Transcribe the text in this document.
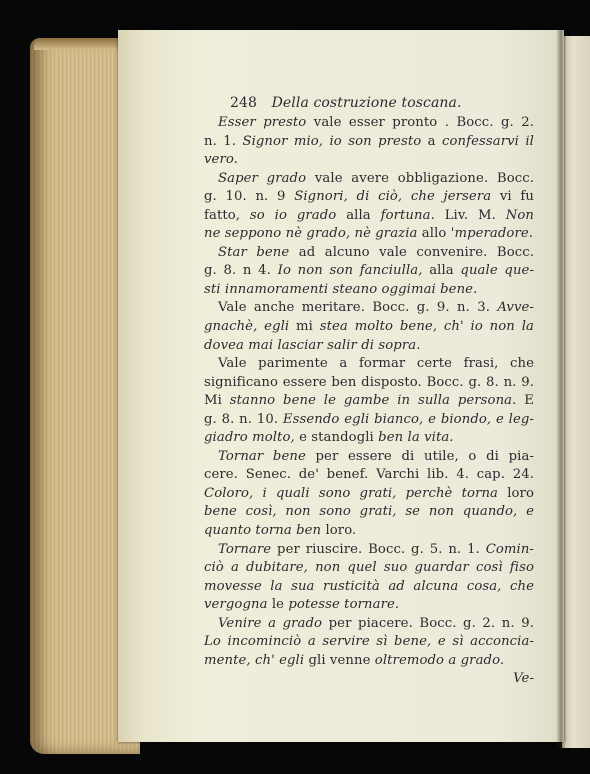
248 Della costruzione toscana.
Esser presto vale esser pronto . Bocc. g. 2.
n. 1. Signor mio, io son presto a confessarvi il
vero.
Saper grado vale avere obbligazione. Bocc.
g. 10. n. 9 Signori, di ciò, che jersera vi fu
fatto, so io grado alla fortuna. Liv. M. Non
ne seppono nè grado, nè grazia allo 'mperadore.
Star bene ad alcuno vale convenire. Bocc.
g. 8. n 4. Io non son fanciulla, alla quale que-
sti innamoramenti steano oggimai bene.
Vale anche meritare. Bocc. g. 9. n. 3. Avve-
gnachè, egli mi stea molto bene, ch' io non la
dovea mai lasciar salir di sopra.
Vale parimente a formar certe frasi, che
significano essere ben disposto. Bocc. g. 8. n. 9.
Mi stanno bene le gambe in sulla persona. E
g. 8. n. 10. Essendo egli bianco, e biondo, e leg-
giadro molto, e standogli ben la vita.
Tornar bene per essere di utile, o di pia-
cere. Senec. de' benef. Varchi lib. 4. cap. 24.
Coloro, i quali sono grati, perchè torna loro
bene così, non sono grati, se non quando, e
quanto torna ben loro.
Tornare per riuscire. Bocc. g. 5. n. 1. Comin-
ciò a dubitare, non quel suo guardar così fiso
movesse la sua rusticità ad alcuna cosa, che
vergogna le potesse tornare.
Venire a grado per piacere. Bocc. g. 2. n. 9.
Lo incominciò a servire sì bene, e sì acconcia-
mente, ch' egli gli venne oltremodo a grado.
Ve-
